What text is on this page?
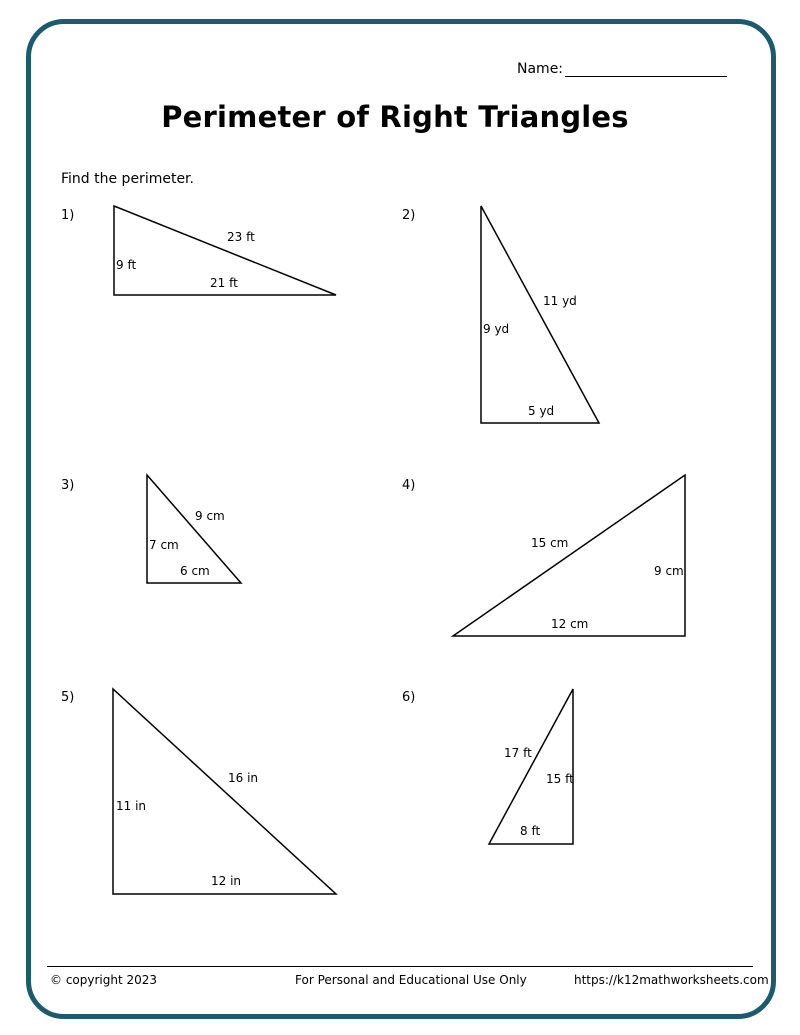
Name:
Perimeter of Right Triangles
Find the perimeter.
1)	2)
3)	4)
5)	6)
9 ft
21 ft
23 ft
9 yd
5 yd
11 yd
7 cm
6 cm
9 cm
9 cm
12 cm
15 cm
11 in
12 in
16 in	15 ft
8 ft
17 ft
© copyright 2023	For Personal and Educational Use Only	https://k12mathworksheets.com
